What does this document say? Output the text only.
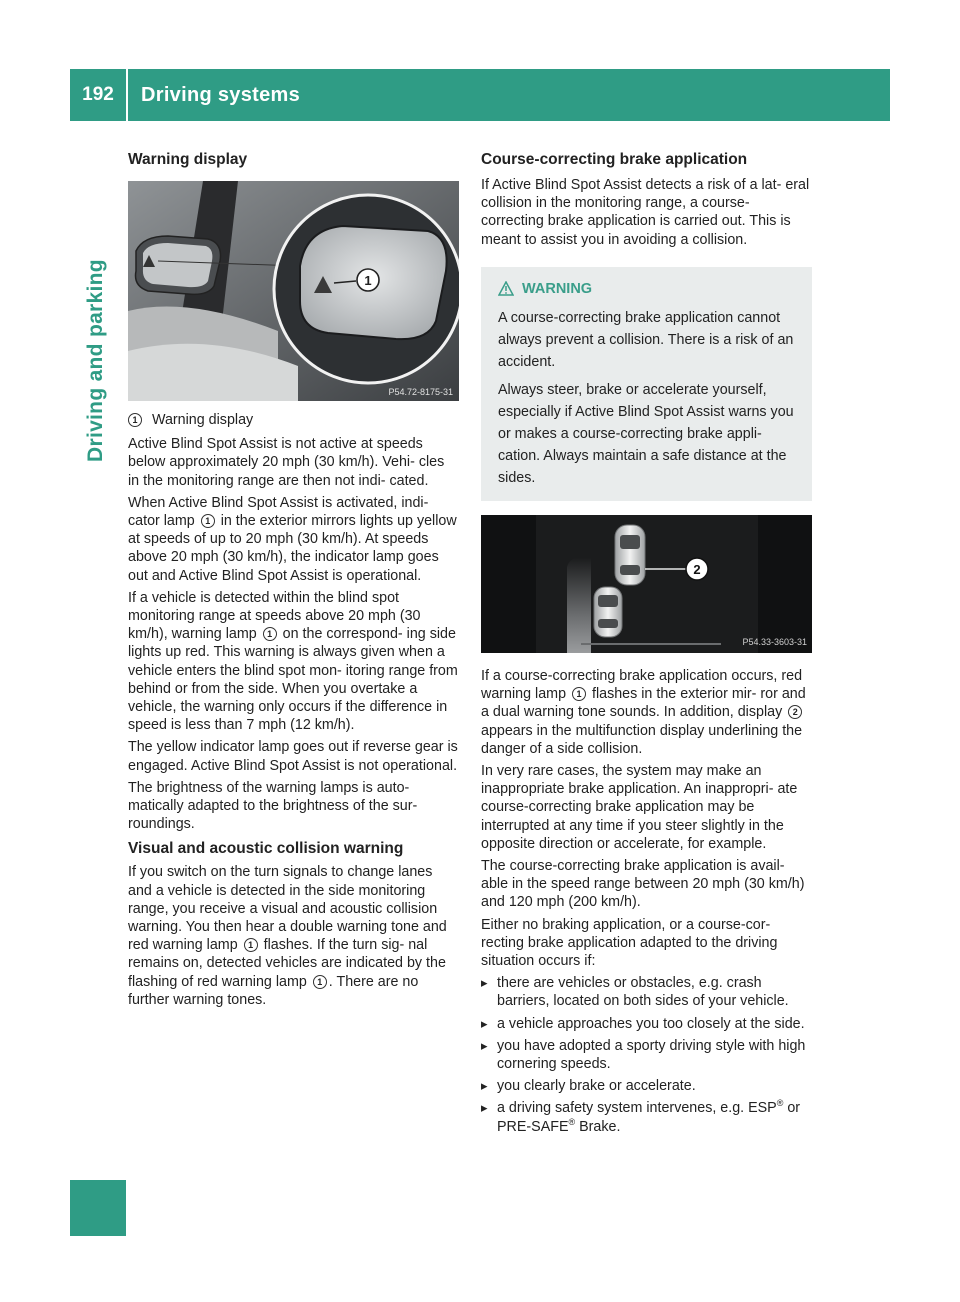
192	Driving systems
Driving and parking
Warning display
1
P54.72-8175-31

1 Warning display

Active Blind Spot Assist is not active at speeds below approximately 20 mph (30 km/h). Vehi- cles in the monitoring range are then not indi- cated.

When Active Blind Spot Assist is activated, indi- cator lamp 1 in the exterior mirrors lights up yellow at speeds of up to 20 mph (30 km/h). At speeds above 20 mph (30 km/h), the indicator lamp goes out and Active Blind Spot Assist is operational.

If a vehicle is detected within the blind spot monitoring range at speeds above 20 mph (30 km/h), warning lamp 1 on the correspond- ing side lights up red. This warning is always given when a vehicle enters the blind spot mon- itoring range from behind or from the side. When you overtake a vehicle, the warning only occurs if the difference in speed is less than 7 mph (12 km/h).

The yellow indicator lamp goes out if reverse gear is engaged. Active Blind Spot Assist is not operational.

The brightness of the warning lamps is auto- matically adapted to the brightness of the sur- roundings.

Visual and acoustic collision warning

If you switch on the turn signals to change lanes and a vehicle is detected in the side monitoring range, you receive a visual and acoustic collision warning. You then hear a double warning tone and red warning lamp 1 flashes. If the turn sig- nal remains on, detected vehicles are indicated by the flashing of red warning lamp 1 . There are no further warning tones.

Course-correcting brake application

If Active Blind Spot Assist detects a risk of a lat- eral collision in the monitoring range, a course- correcting brake application is carried out. This is meant to assist you in avoiding a collision.

WARNING

A course-correcting brake application cannot always prevent a collision. There is a risk of an accident.

Always steer, brake or accelerate yourself, especially if Active Blind Spot Assist warns you or makes a course-correcting brake appli- cation. Always maintain a safe distance at the sides.

2
P54.33-3603-31

If a course-correcting brake application occurs, red warning lamp 1 flashes in the exterior mir- ror and a dual warning tone sounds. In addition, display 2 appears in the multifunction display underlining the danger of a side collision.

In very rare cases, the system may make an inappropriate brake application. An inappropri- ate course-correcting brake application may be interrupted at any time if you steer slightly in the opposite direction or accelerate, for example.

The course-correcting brake application is avail- able in the speed range between 20 mph (30 km/h) and 120 mph (200 km/h).

Either no braking application, or a course-cor- recting brake application adapted to the driving situation occurs if:

▸ there are vehicles or obstacles, e.g. crash barriers, located on both sides of your vehicle.
▸ a vehicle approaches you too closely at the side.
▸ you have adopted a sporty driving style with high cornering speeds.
▸ you clearly brake or accelerate.
▸ a driving safety system intervenes, e.g. ESP® or PRE-SAFE® Brake.
